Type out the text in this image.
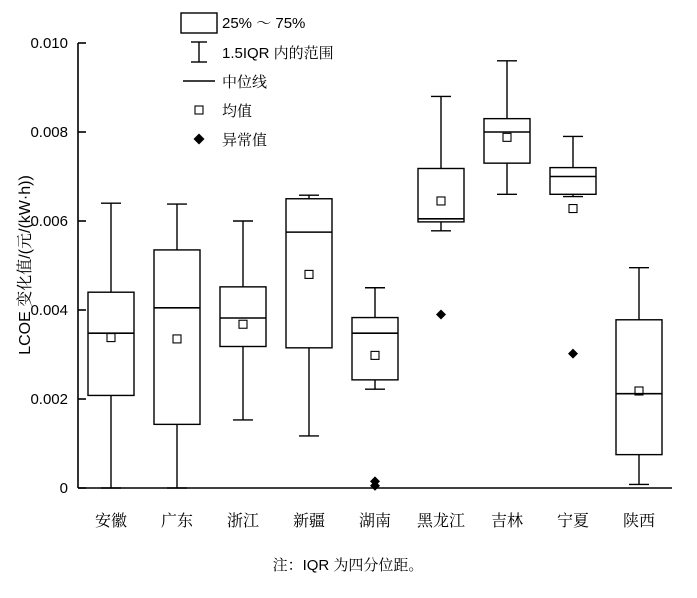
25% ～ 75%
1.5IQR 内的范围
中位线
均值
异常值
0
0.002
0.004
0.006
0.008
0.010
安徽 广东 浙江 新疆 湖南 黑龙江 吉林 宁夏 陕西
LCOE 变化值/(元/(kW·h))
注：IQR 为四分位距。
